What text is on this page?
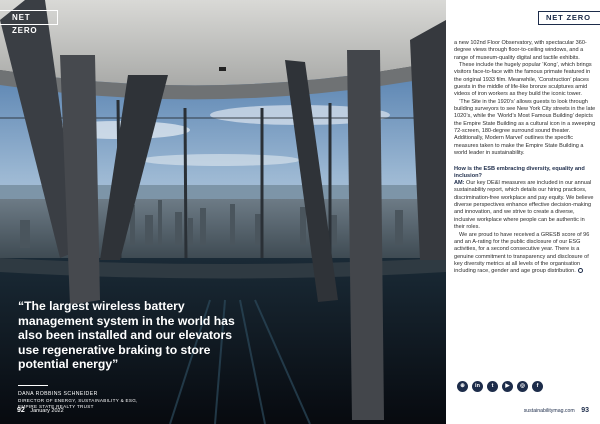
NET ZERO

“The largest wireless battery management system in the world has also been installed and our elevators use regenerative braking to store potential energy”

DANA ROBBINS SCHNEIDER
DIRECTOR OF ENERGY, SUSTAINABILITY & ESG,
EMPIRE STATE REALTY TRUST
92 January 2022
NET ZERO

a new 102nd Floor Observatory, with spectacular 360-degree views through floor-to-ceiling windows, and a range of museum-quality digital and tactile exhibits.

These include the hugely popular ‘Kong’, which brings visitors face-to-face with the famous primate featured in the original 1933 film. Meanwhile, ‘Construction’ places guests in the middle of life-like bronze sculptures amid videos of iron workers as they build the iconic tower.

‘The Site in the 1920’s’ allows guests to look through building surveyors to see New York City streets in the late 1020’s, while the ‘World’s Most Famous Building’ depicts the Empire State Building as a cultural icon in a sweeping 72-screen, 180-degree surround sound theater. Additionally, Modern Marvel’ outlines the specific measures taken to make the Empire State Building a world leader in sustainability.

How is the ESB embracing diversity, equality and inclusion?

AM: Our key DE&I measures are included in our annual sustainability report, which details our hiring practices, discrimination-free workplace and pay equity. We believe diverse perspectives enhance effective decision-making and innovation, and we strive to create a diverse, inclusive workplace where people can be authentic in their roles.

We are proud to have received a GRESB score of 96 and an A-rating for the public disclosure of our ESG activities, for a second consecutive year. There is a genuine commitment to transparency and disclosure of key diversity metrics at all levels of the organisation including race, gender and age group distribution.

⊕	in	t	▶	◎	f
sustainabilitymag.com 93
